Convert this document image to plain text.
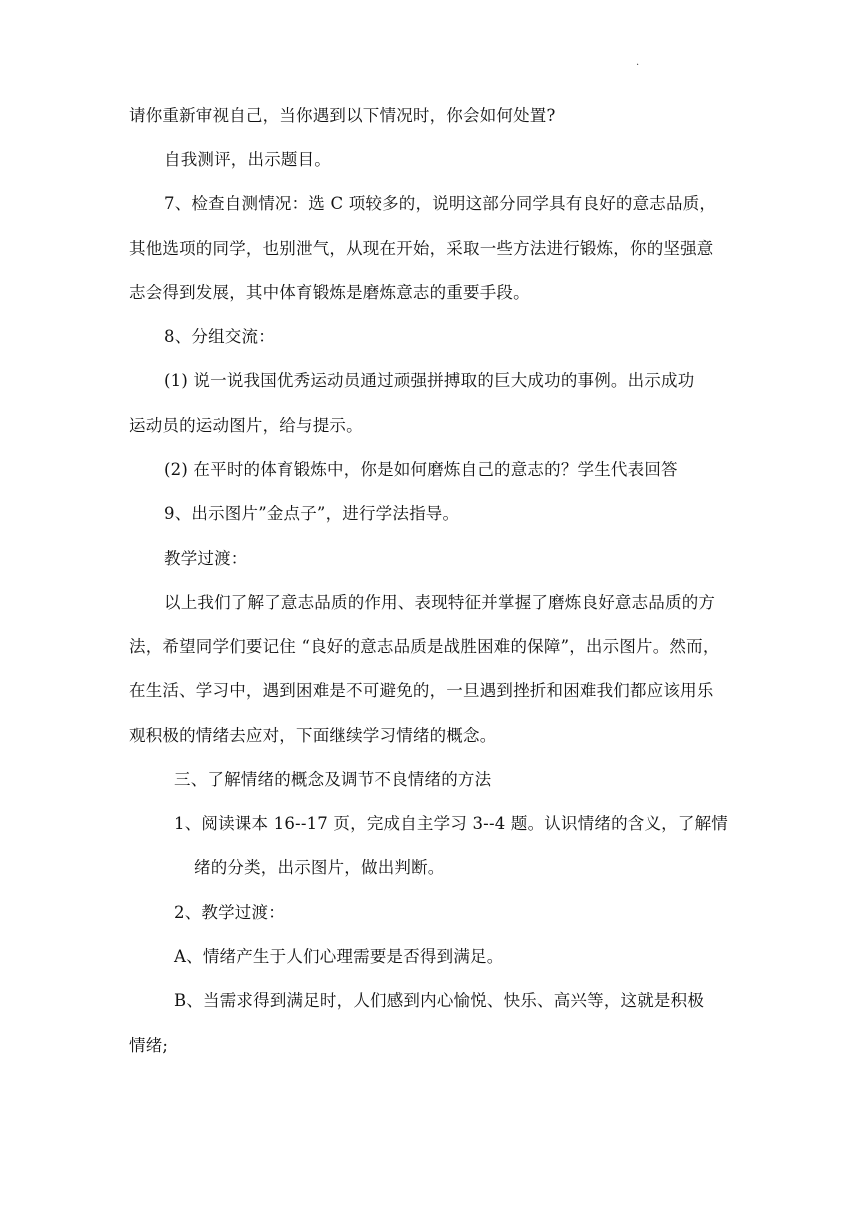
.
请你重新审视自己，当你遇到以下情况时，你会如何处置?
自我测评，出示题目。
7、检查自测情况：选 C 项较多的，说明这部分同学具有良好的意志品质，
其他选项的同学，也别泄气，从现在开始，采取一些方法进行锻炼，你的坚强意
志会得到发展，其中体育锻炼是磨炼意志的重要手段。
8、分组交流：
(1) 说一说我国优秀运动员通过顽强拼搏取的巨大成功的事例。出示成功
运动员的运动图片，给与提示。
(2) 在平时的体育锻炼中，你是如何磨炼自己的意志的？学生代表回答
9、出示图片”金点子”，进行学法指导。
教学过渡：
以上我们了解了意志品质的作用、表现特征并掌握了磨炼良好意志品质的方
法，希望同学们要记住 “良好的意志品质是战胜困难的保障”，出示图片。然而，
在生活、学习中，遇到困难是不可避免的，一旦遇到挫折和困难我们都应该用乐
观积极的情绪去应对，下面继续学习情绪的概念。
三、了解情绪的概念及调节不良情绪的方法
1、阅读课本 16--17 页，完成自主学习 3--4 题。认识情绪的含义，了解情
绪的分类，出示图片，做出判断。
2、教学过渡：
A、情绪产生于人们心理需要是否得到满足。
B、当需求得到满足时，人们感到内心愉悦、快乐、高兴等，这就是积极
情绪;
